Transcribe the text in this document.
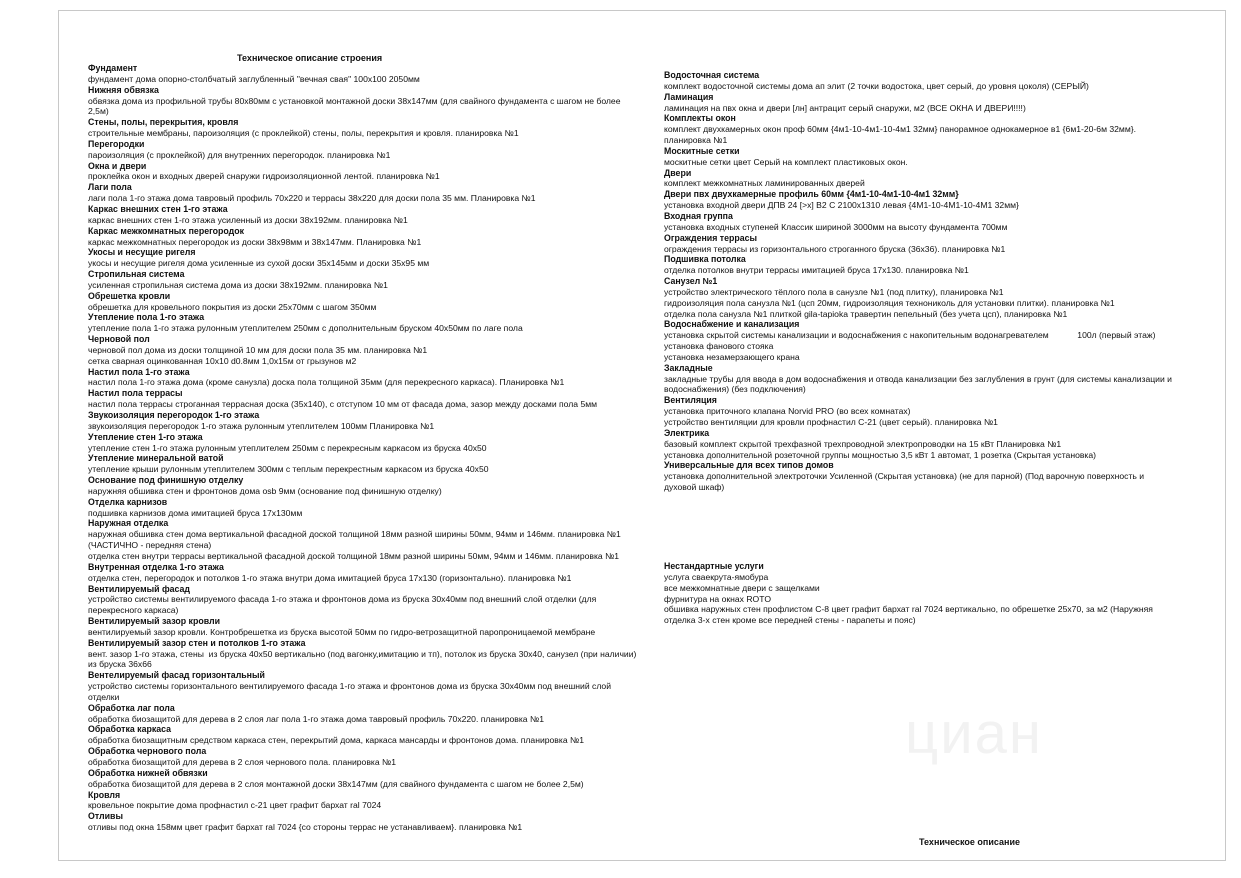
циан
Техническое описание строения
Фундамент
фундамент дома опорно-столбчатый заглубленный "вечная свая" 100x100 2050мм
Нижняя обвязка
обвязка дома из профильной трубы 80x80мм с установкой монтажной доски 38x147мм (для свайного фундамента с шагом не более 2,5м)
Стены, полы, перекрытия, кровля
строительные мембраны, пароизоляция (с проклейкой) стены, полы, перекрытия и кровля. планировка №1
Перегородки
пароизоляция (с проклейкой) для внутренних перегородок. планировка №1
Окна и двери
проклейка окон и входных дверей снаружи гидроизоляционной лентой. планировка №1
Лаги пола
лаги пола 1-го этажа дома тавровый профиль 70x220 и террасы 38x220 для доски пола 35 мм. Планировка №1
Каркас внешних стен 1-го этажа
каркас внешних стен 1-го этажа усиленный из доски 38x192мм. планировка №1
Каркас межкомнатных перегородок
каркас межкомнатных перегородок из доски 38x98мм и 38x147мм. Планировка №1
Укосы и несущие ригеля
укосы и несущие ригеля дома усиленные из сухой доски 35x145мм и доски 35x95 мм
Стропильная система
усиленная стропильная система дома из доски 38x192мм. планировка №1
Обрешетка кровли
обрешетка для кровельного покрытия из доски 25x70мм с шагом 350мм
Утепление пола 1-го этажа
утепление пола 1-го этажа рулонным утеплителем 250мм с дополнительным бруском 40x50мм по лаге пола
Черновой пол
черновой пол дома из доски толщиной 10 мм для доски пола 35 мм. планировка №1
сетка сварная оцинкованная 10x10 d0.8мм 1,0x15м от грызунов м2
Настил пола 1-го этажа
настил пола 1-го этажа дома (кроме санузла) доска пола толщиной 35мм (для перекресного каркаса). Планировка №1
Настил пола террасы
настил пола террасы строганная террасная доска (35x140), с отступом 10 мм от фасада дома, зазор между досками пола 5мм
Звукоизоляция перегородок 1-го этажа
звукоизоляция перегородок 1-го этажа рулонным утеплителем 100мм Планировка №1
Утепление стен 1-го этажа
утепление стен 1-го этажа рулонным утеплителем 250мм с перекресным каркасом из бруска 40x50
Утепление минеральной ватой
утепление крыши рулонным утеплителем 300мм с теплым перекрестным каркасом из бруска 40x50
Основание под финишную отделку
наружняя обшивка стен и фронтонов дома osb 9мм (основание под финишную отделку)
Отделка карнизов
подшивка карнизов дома имитацией бруса 17x130мм
Наружная отделка
наружная обшивка стен дома вертикальной фасадной доской толщиной 18мм разной ширины 50мм, 94мм и 146мм. планировка №1 (ЧАСТИЧНО - передняя стена)
отделка стен внутри террасы вертикальной фасадной доской толщиной 18мм разной ширины 50мм, 94мм и 146мм. планировка №1
Внутренная отделка 1-го этажа
отделка стен, перегородок и потолков 1-го этажа внутри дома имитацией бруса 17x130 (горизонтально). планировка №1
Вентилируемый фасад
устройство системы вентилируемого фасада 1-го этажа и фронтонов дома из бруска 30x40мм под внешний слой отделки (для перекресного каркаса)
Вентилируемый зазор кровли
вентилируемый зазор кровли. Контробрешетка из бруска высотой 50мм по гидро-ветрозащитной паропроницаемой мембране
Вентилируемый зазор стен и потолков 1-го этажа
вент. зазор 1-го этажа, стены  из бруска 40x50 вертикально (под вагонку,имитацию и тп), потолок из бруска 30x40, санузел (при наличии) из бруска 36x66
Вентелируемый фасад горизонтальный
устройство системы горизонтального вентилируемого фасада 1-го этажа и фронтонов дома из бруска 30x40мм под внешний слой отделки
Обработка лаг пола
обработка биозащитой для дерева в 2 слоя лаг пола 1-го этажа дома тавровый профиль 70x220. планировка №1
Обработка каркаса
обработка биозащитным средством каркаса стен, перекрытий дома, каркаса мансарды и фронтонов дома. планировка №1
Обработка чернового пола
обработка биозащитой для дерева в 2 слоя чернового пола. планировка №1
Обработка нижней обвязки
обработка биозащитой для дерева в 2 слоя монтажной доски 38x147мм (для свайного фундамента с шагом не более 2,5м)
Кровля
кровельное покрытие дома профнастил с-21 цвет графит бархат ral 7024
Отливы
отливы под окна 158мм цвет графит бархат ral 7024 {со стороны террас не устанавливаем}. планировка №1
Водосточная система
комплект водосточной системы дома ап элит (2 точки водостока, цвет серый, до уровня цоколя) (СЕРЫЙ)
Ламинация
ламинация на пвх окна и двери [лн] антрацит серый снаружи, м2 (ВСЕ ОКНА И ДВЕРИ!!!!)
Комплекты окон
комплект двухкамерных окон проф 60мм {4м1-10-4м1-10-4м1 32мм} панорамное однокамерное в1 {6м1-20-6м 32мм}. планировка №1
Москитные сетки
москитные сетки цвет Серый на комплект пластиковых окон.
Двери
комплект межкомнатных ламинированных дверей
Двери пвх двухкамерные профиль 60мм {4м1-10-4м1-10-4м1 32мм}
установка входной двери ДПВ 24 [>x] В2 С 2100x1310 левая {4М1-10-4М1-10-4М1 32мм}
Входная группа
установка входных ступеней Классик шириной 3000мм на высоту фундамента 700мм
Ограждения террасы
ограждения террасы из горизонтального строганного бруска (36x36). планировка №1
Подшивка потолка
отделка потолков внутри террасы имитацией бруса 17x130. планировка №1
Санузел №1
устройство электрического тёплого пола в санузле №1 (под плитку), планировка №1
гидроизоляция пола санузла №1 (цсп 20мм, гидроизоляция технониколь для установки плитки). планировка №1
отделка пола санузла №1 плиткой gila-tapioka травертин пепельный (без учета цсп), планировка №1
Водоснабжение и канализация
установка скрытой системы канализации и водоснабжения с накопительным водонагревателем            100л (первый этаж)
установка фанового стояка
установка незамерзающего крана
Закладные
закладные трубы для ввода в дом водоснабжения и отвода канализации без заглубления в грунт (для системы канализации и водоснабжения) (без подключения)
Вентиляция
установка приточного клапана Norvid PRO (во всех комнатах)
устройство вентиляции для кровли профнастил С-21 (цвет серый). планировка №1
Электрика
базовый комплект скрытой трехфазной трехпроводной электропроводки на 15 кВт Планировка №1
установка дополнительной розеточной группы мощностью 3,5 кВт 1 автомат, 1 розетка (Скрытая установка)
Универсальные для всех типов домов
установка дополнительной электроточки Усиленной (Скрытая установка) (не для парной) (Под варочную поверхность и духовой шкаф)
Нестандартные услуги
услуга сваекрута-ямобура
все межкомнатные двери с защелками
фурнитура на окнах ROTO
обшивка наружных стен профлистом С-8 цвет графит бархат ral 7024 вертикально, по обрешетке 25x70, за м2 (Наружняя отделка 3-х стен кроме все передней стены - парапеты и пояс)
Техническое описание
